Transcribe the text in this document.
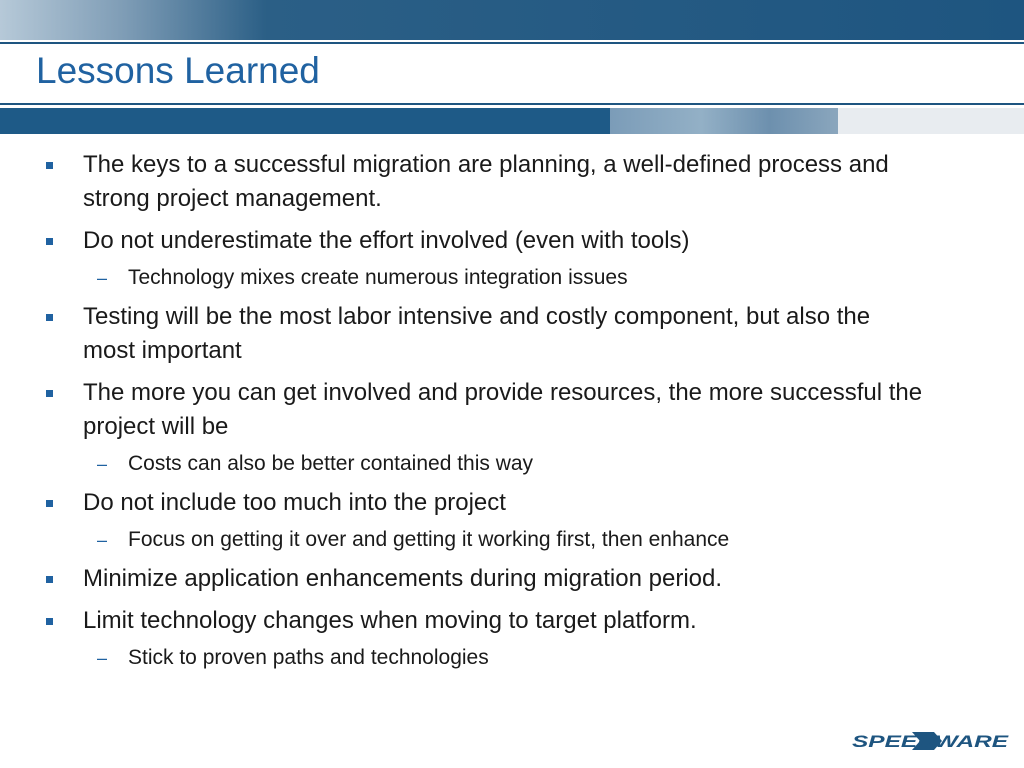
Lessons Learned
The keys to a successful migration are planning, a well-defined process and strong project management.
Do not underestimate the effort involved (even with tools)
– Technology mixes create numerous integration issues
Testing will be the most labor intensive and costly component, but also the most important
The more you can get involved and provide resources, the more successful the project will be
– Costs can also be better contained this way
Do not include too much into the project
– Focus on getting it over and getting it working first, then enhance
Minimize application enhancements during migration period.
Limit technology changes when moving to target platform.
– Stick to proven paths and technologies
SPEEDWARE
